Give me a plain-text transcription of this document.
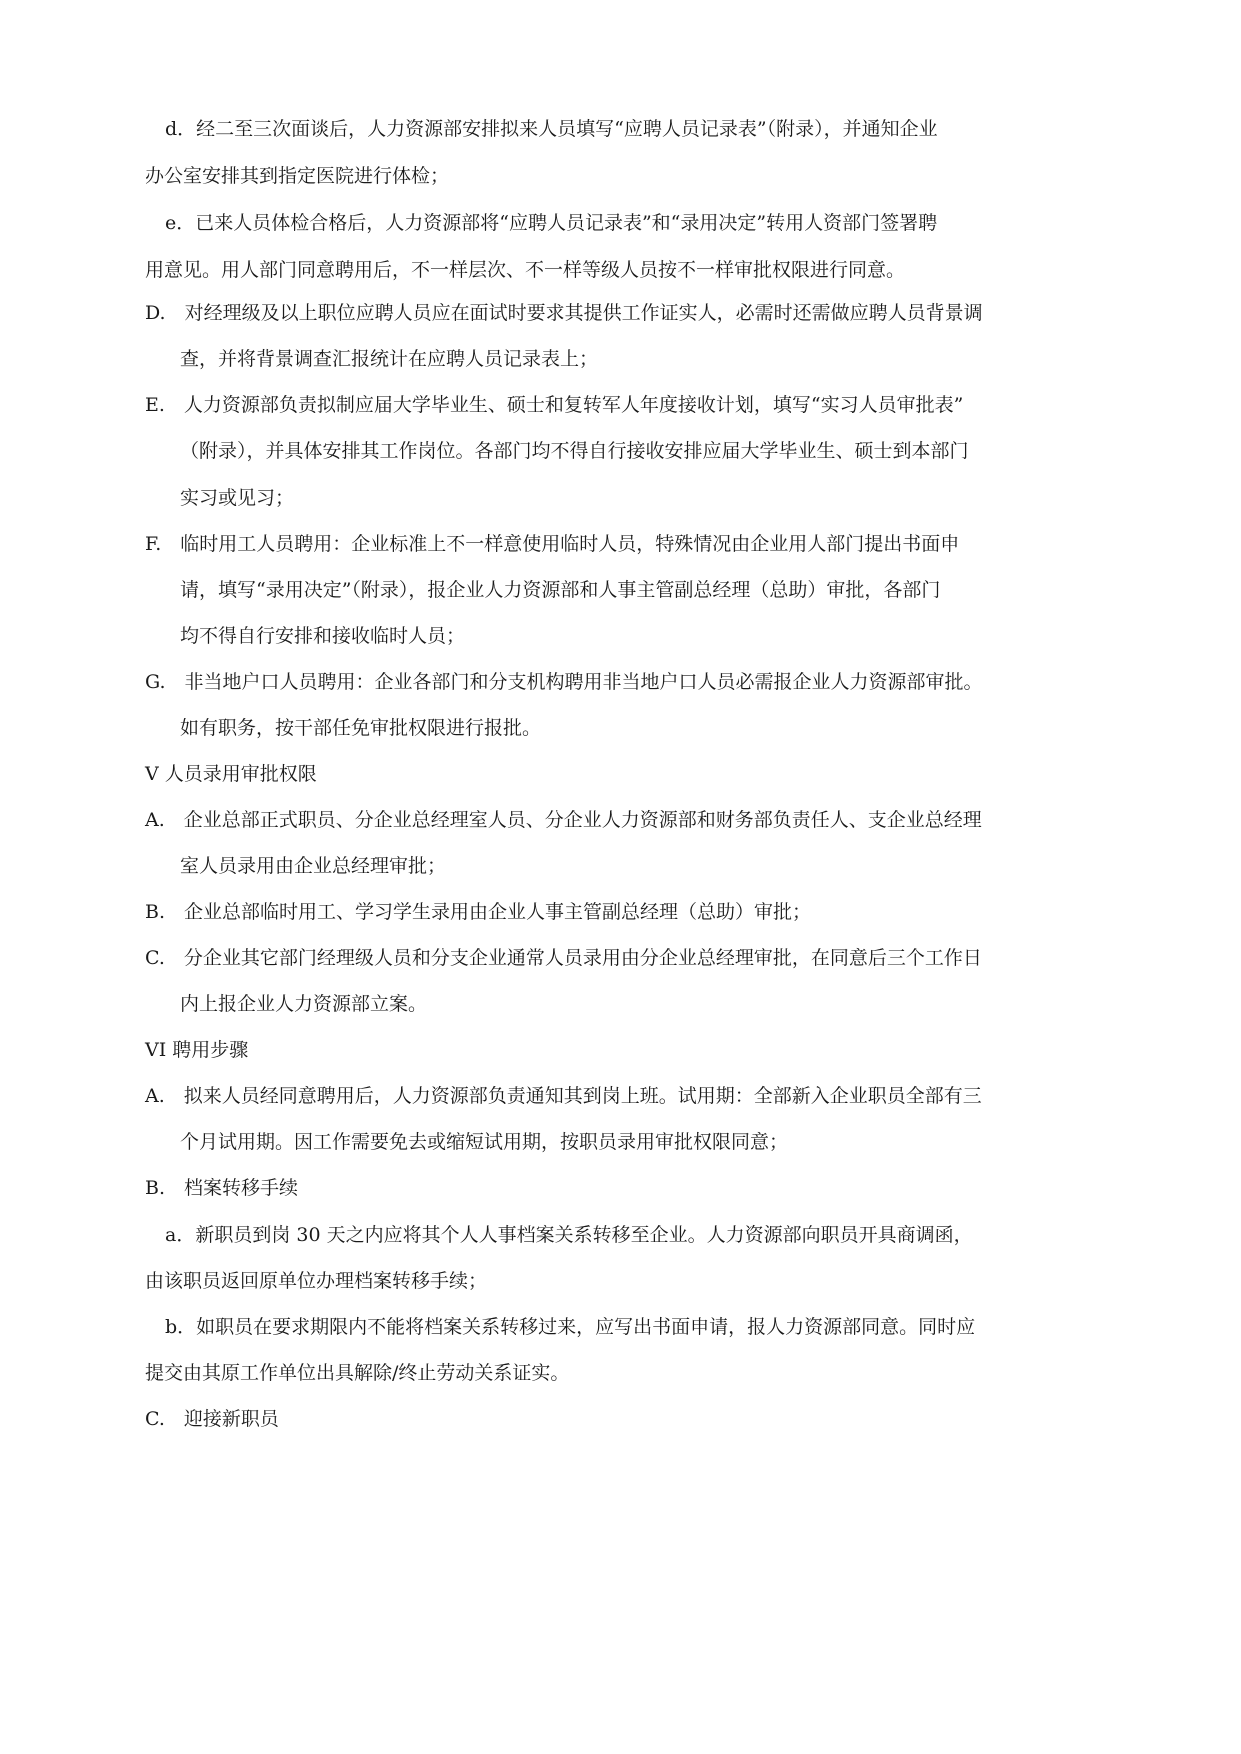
d．经二至三次面谈后，人力资源部安排拟来人员填写“应聘人员记录表”（附录），并通知企业
办公室安排其到指定医院进行体检；
e．已来人员体检合格后，人力资源部将“应聘人员记录表”和“录用决定”转用人资部门签署聘
用意见。用人部门同意聘用后，不一样层次、不一样等级人员按不一样审批权限进行同意。
D.　对经理级及以上职位应聘人员应在面试时要求其提供工作证实人，必需时还需做应聘人员背景调
查，并将背景调查汇报统计在应聘人员记录表上；
E.　人力资源部负责拟制应届大学毕业生、硕士和复转军人年度接收计划，填写“实习人员审批表”
（附录），并具体安排其工作岗位。各部门均不得自行接收安排应届大学毕业生、硕士到本部门
实习或见习；
F.　临时用工人员聘用：企业标准上不一样意使用临时人员，特殊情况由企业用人部门提出书面申
请，填写“录用决定”（附录），报企业人力资源部和人事主管副总经理（总助）审批，各部门
均不得自行安排和接收临时人员；
G.　非当地户口人员聘用：企业各部门和分支机构聘用非当地户口人员必需报企业人力资源部审批。
如有职务，按干部任免审批权限进行报批。
V 人员录用审批权限
A.　企业总部正式职员、分企业总经理室人员、分企业人力资源部和财务部负责任人、支企业总经理
室人员录用由企业总经理审批；
B.　企业总部临时用工、学习学生录用由企业人事主管副总经理（总助）审批；
C.　分企业其它部门经理级人员和分支企业通常人员录用由分企业总经理审批，在同意后三个工作日
内上报企业人力资源部立案。
VI 聘用步骤
A.　拟来人员经同意聘用后，人力资源部负责通知其到岗上班。试用期：全部新入企业职员全部有三
个月试用期。因工作需要免去或缩短试用期，按职员录用审批权限同意；
B.　档案转移手续
a．新职员到岗 30 天之内应将其个人人事档案关系转移至企业。人力资源部向职员开具商调函，
由该职员返回原单位办理档案转移手续；
b．如职员在要求期限内不能将档案关系转移过来，应写出书面申请，报人力资源部同意。同时应
提交由其原工作单位出具解除/终止劳动关系证实。
C.　迎接新职员
